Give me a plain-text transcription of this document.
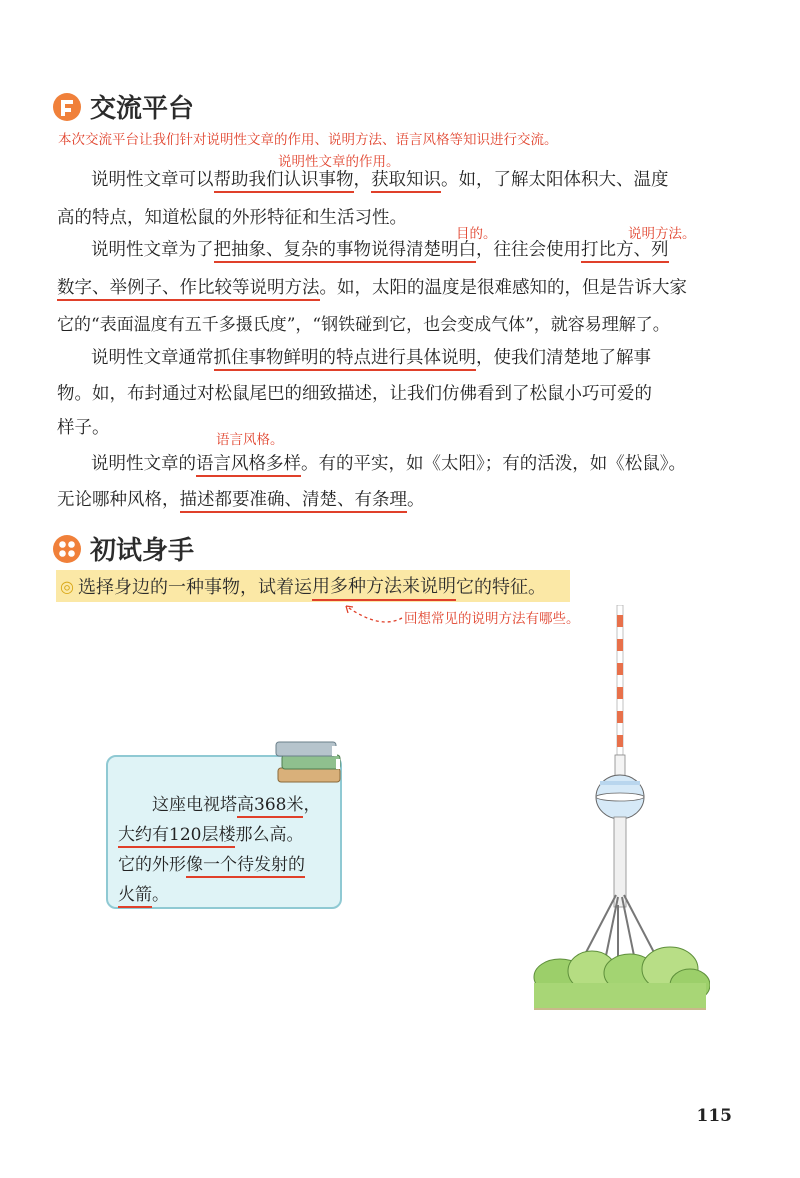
交流平台
本次交流平台让我们针对说明性文章的作用、说明方法、语言风格等知识进行交流。
说明性文章的作用。
说明性文章可以帮助我们认识事物，获取知识。如，了解太阳体积大、温度
高的特点，知道松鼠的外形特征和生活习性。
目的。	说明方法。
说明性文章为了把抽象、复杂的事物说得清楚明白，往往会使用打比方、列
数字、举例子、作比较等说明方法。如，太阳的温度是很难感知的，但是告诉大家
它的“表面温度有五千多摄氏度”，“钢铁碰到它，也会变成气体”，就容易理解了。
说明性文章通常抓住事物鲜明的特点进行具体说明，使我们清楚地了解事
物。如，布封通过对松鼠尾巴的细致描述，让我们仿佛看到了松鼠小巧可爱的
样子。
语言风格。
说明性文章的语言风格多样。有的平实，如《太阳》；有的活泼，如《松鼠》。
无论哪种风格，描述都要准确、清楚、有条理。
初试身手
◎ 选择身边的一种事物，试着运 用多种方法来说明 它的特征。
回想常见的说明方法有哪些。
这座电视塔高368米，
大约有120层楼那么高。
它的外形像一个待发射的
火箭。
115
